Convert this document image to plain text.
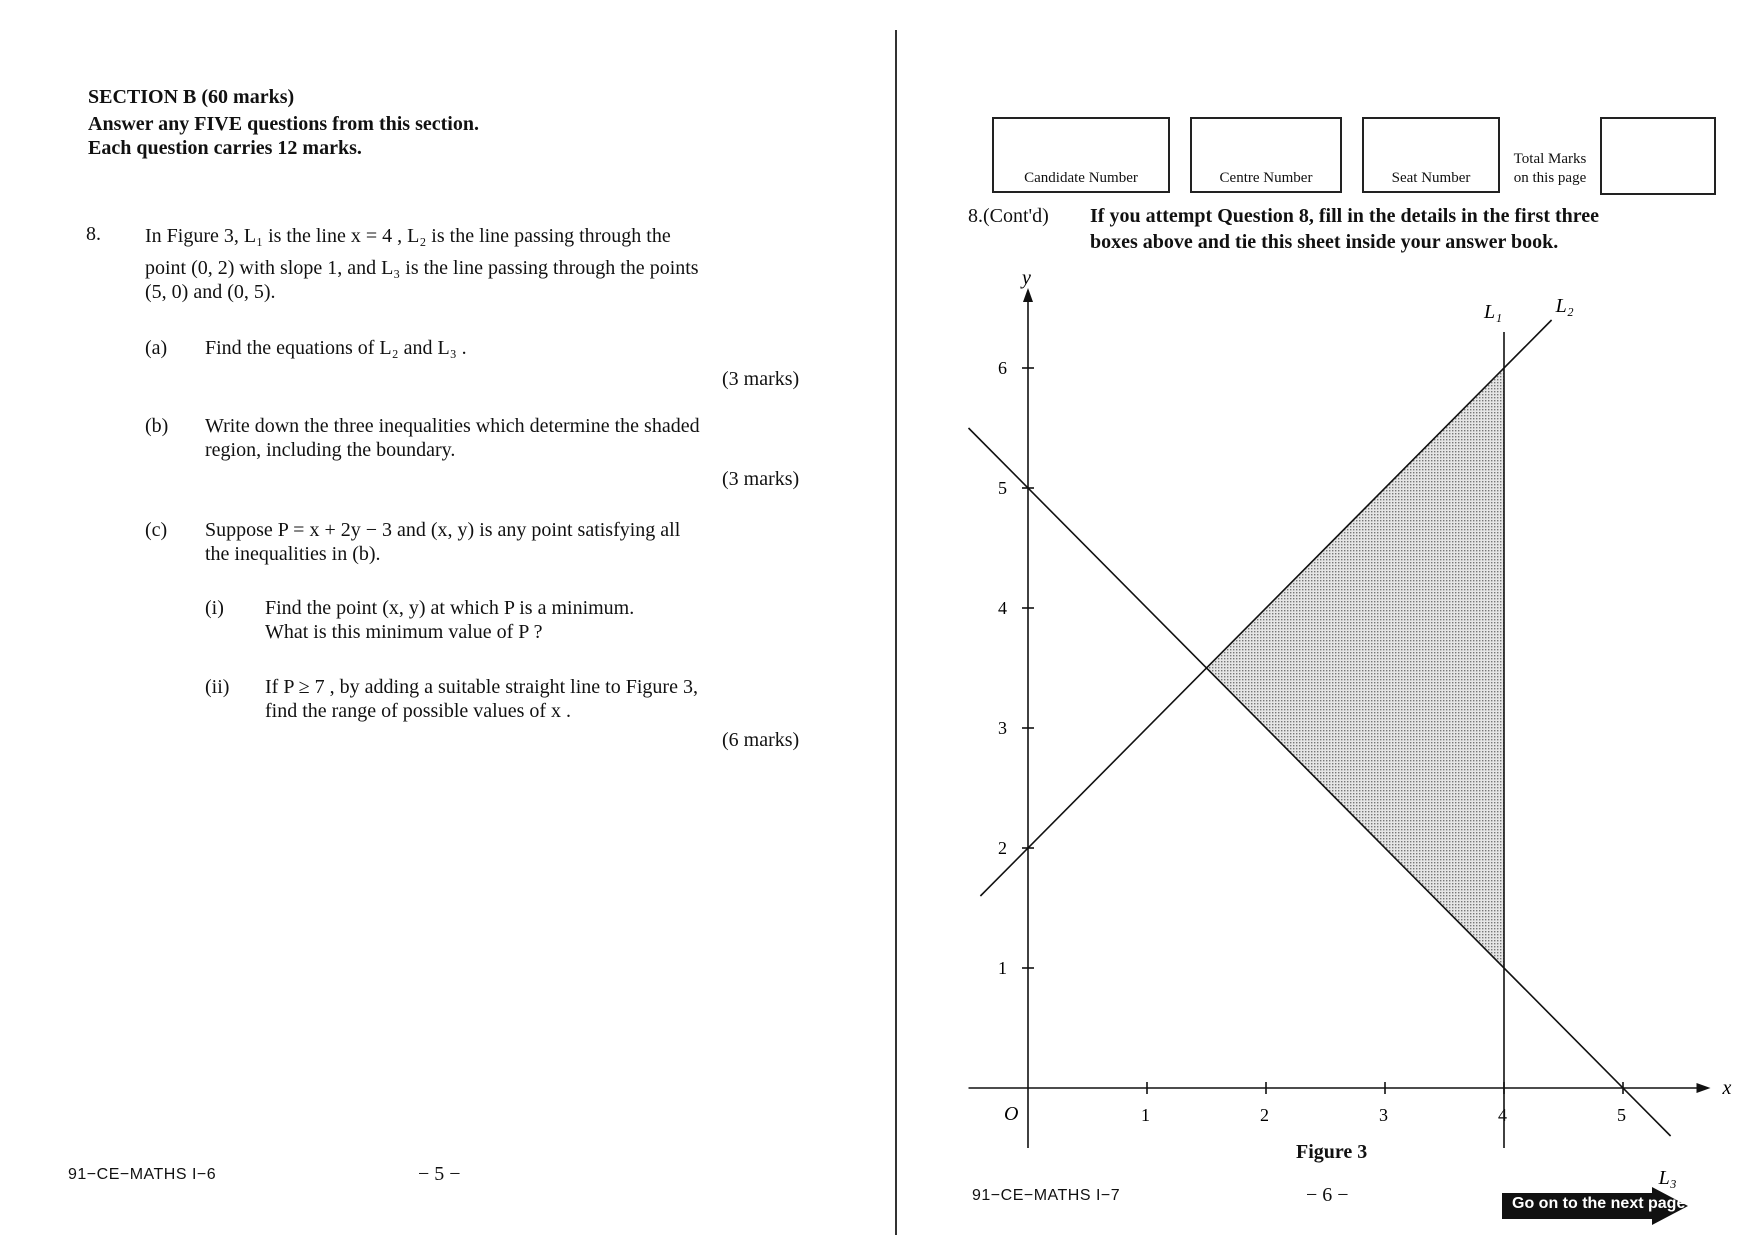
SECTION B (60 marks)
Answer any FIVE questions from this section.
Each question carries 12 marks.
8. In Figure 3, L₁ is the line x = 4 , L₂ is the line passing through the
point (0, 2) with slope 1, and L₃ is the line passing through the points
(5, 0) and (0, 5).
(a) Find the equations of L₂ and L₃ .
(3 marks)
(b) Write down the three inequalities which determine the shaded
region, including the boundary.
(3 marks)
(c) Suppose P = x + 2y − 3 and (x, y) is any point satisfying all
the inequalities in (b).
(i) Find the point (x, y) at which P is a minimum.
What is this minimum value of P ?
(ii) If P ≥ 7 , by adding a suitable straight line to Figure 3,
find the range of possible values of x .
(6 marks)
91−CE−MATHS I−6	− 5 −
Candidate Number	Centre Number	Seat Number
Total Marks
on this page
8.(Cont'd) If you attempt Question 8, fill in the details in the first three
boxes above and tie this sheet inside your answer book.
x
y
O	1	2	3	4	5
1
2
3
4
5
6
L₁	L₂
L₃
Figure 3
91−CE−MATHS I−7	− 6 −	Go on to the next page
